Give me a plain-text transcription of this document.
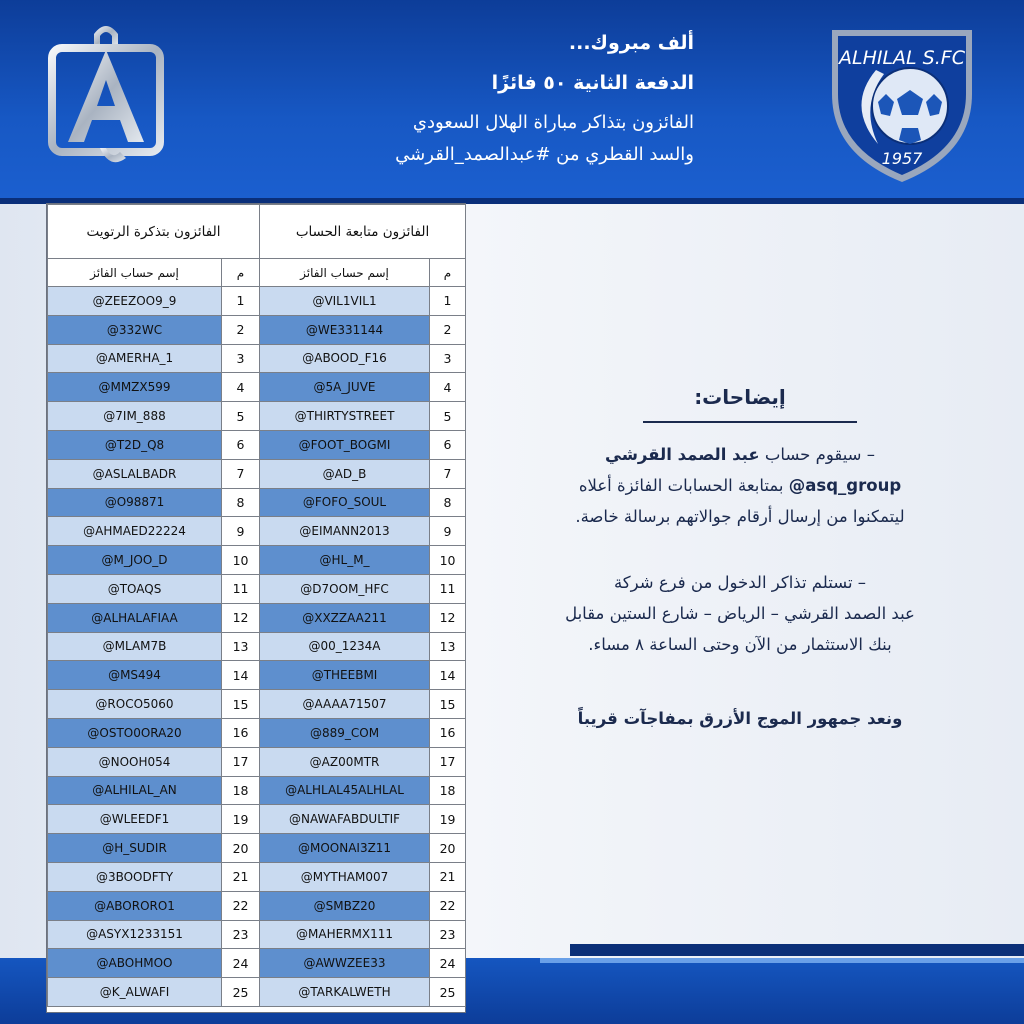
ALHILAL S.FC
1957
ألف مبروك...
الدفعة الثانية ٥٠ فائزًا
الفائزون بتذاكر مباراة الهلال السعودي
والسد القطري من #عبدالصمد_القرشي
الفائزون متابعة الحساب		الفائزون بتذكرة الرتويت	
م	إسم حساب الفائز	م	إسم حساب الفائز
1	@VIL1VIL1	1	@ZEEZOO9_9
2	@WE331144	2	@332WC
3	@ABOOD_F16	3	@AMERHA_1
4	@5A_JUVE	4	@MMZX599
5	@THIRTYSTREET	5	@7IM_888
6	@FOOT_BOGMI	6	@T2D_Q8
7	@AD_B	7	@ASLALBADR
8	@FOFO_SOUL	8	@O98871
9	@EIMANN2013	9	@AHMAED22224
10	@HL_M_	10	@M_JOO_D
11	@D7OOM_HFC	11	@TOAQS
12	@XXZZAA211	12	@ALHALAFIAA
13	@00_1234A	13	@MLAM7B
14	@THEEBMI	14	@MS494
15	@AAAA71507	15	@ROCO5060
16	@889_COM	16	@OSTO0ORA20
17	@AZ00MTR	17	@NOOH054
18	@ALHLAL45ALHLAL	18	@ALHILAL_AN
19	@NAWAFABDULTIF	19	@WLEEDF1
20	@MOONAI3Z11	20	@H_SUDIR
21	@MYTHAM007	21	@3BOODFTY
22	@SMBZ20	22	@ABORORO1
23	@MAHERMX111	23	@ASYX1233151
24	@AWWZEE33	24	@ABOHMOO
25	@TARKALWETH	25	@K_ALWAFI
إيضاحات:
– سيقوم حساب عبد الصمد القرشي
asq_group@ بمتابعة الحسابات الفائزة أعلاه
ليتمكنوا من إرسال أرقام جوالاتهم برسالة خاصة.
– تستلم تذاكر الدخول من فرع شركة
عبد الصمد القرشي – الرياض – شارع الستين مقابل
بنك الاستثمار من الآن وحتى الساعة ٨ مساء.
ونعد جمهور الموج الأزرق بمفاجآت قريباً
